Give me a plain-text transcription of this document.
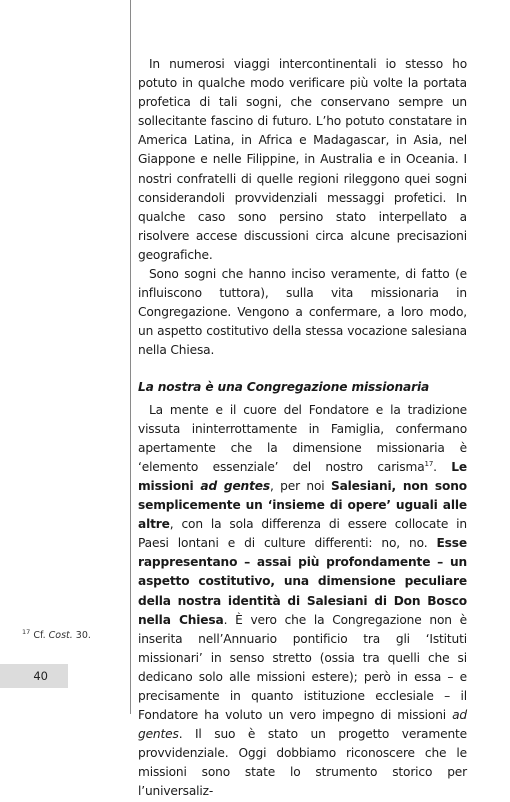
In numerosi viaggi intercontinentali io stesso ho potuto in qualche modo verificare più volte la portata profetica di tali sogni, che conservano sempre un sollecitante fascino di futuro. L’ho potuto constatare in America Latina, in Africa e Madagascar, in Asia, nel Giappone e nelle Filippine, in Australia e in Oceania. I nostri confratelli di quelle regioni rileggono quei sogni considerandoli provvidenziali messaggi profetici. In qualche caso sono persino stato interpellato a risolvere accese discussioni circa alcune precisazioni geografiche.

Sono sogni che hanno inciso veramente, di fatto (e influiscono tuttora), sulla vita missionaria in Congregazione. Vengono a confermare, a loro modo, un aspetto costitutivo della stessa vocazione salesiana nella Chiesa.

La nostra è una Congregazione missionaria

La mente e il cuore del Fondatore e la tradizione vissuta ininterrottamente in Famiglia, confermano apertamente che la dimensione missionaria è ‘elemento essenziale’ del nostro carisma$^{17}$. Le missioni ad gentes, per noi Salesiani, non sono semplicemente un ‘insieme di opere’ uguali alle altre, con la sola differenza di essere collocate in Paesi lontani e di culture differenti: no, no. Esse rappresentano – assai più profondamente – un aspetto costitutivo, una dimensione peculiare della nostra identità di Salesiani di Don Bosco nella Chiesa. È vero che la Congregazione non è inserita nell’Annuario pontificio tra gli ‘Istituti missionari’ in senso stretto (ossia tra quelli che si dedicano solo alle missioni estere); però in essa – e precisamente in quanto istituzione ecclesiale – il Fondatore ha voluto un vero impegno di missioni ad gentes. Il suo è stato un progetto veramente provvidenziale. Oggi dobbiamo riconoscere che le missioni sono state lo strumento storico per l’universaliz-

$^{17}$ Cf. Cost. 30.
40
